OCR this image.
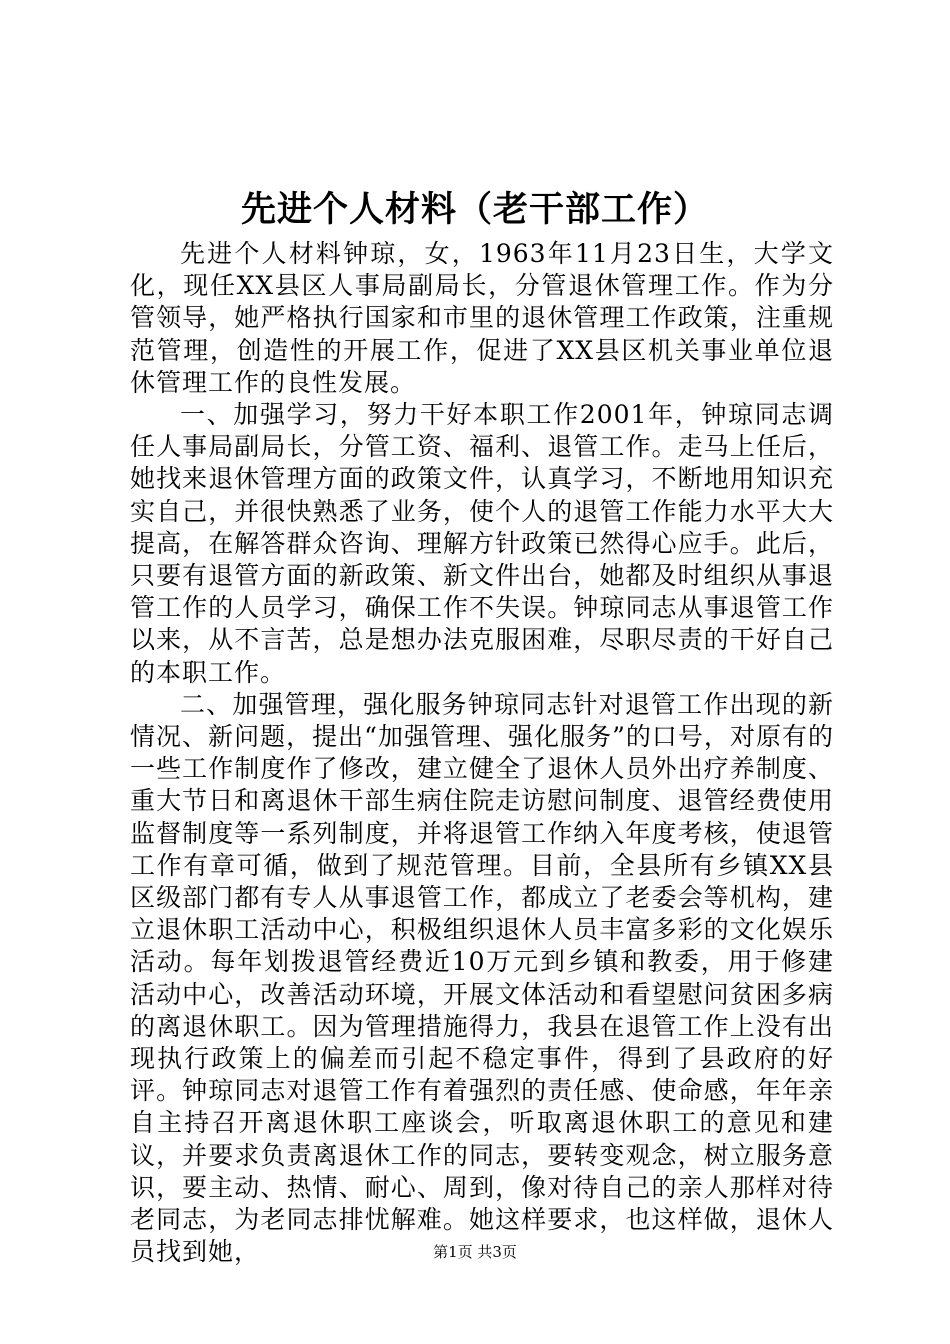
先进个人材料（老干部工作）

先进个人材料钟琼，女，1963年11月23日生，大学文化，现任XX县区人事局副局长，分管退休管理工作。作为分管领导，她严格执行国家和市里的退休管理工作政策，注重规范管理，创造性的开展工作，促进了XX县区机关事业单位退休管理工作的良性发展。

一、加强学习，努力干好本职工作2001年，钟琼同志调任人事局副局长，分管工资、福利、退管工作。走马上任后，她找来退休管理方面的政策文件，认真学习，不断地用知识充实自己，并很快熟悉了业务，使个人的退管工作能力水平大大提高，在解答群众咨询、理解方针政策已然得心应手。此后，只要有退管方面的新政策、新文件出台，她都及时组织从事退管工作的人员学习，确保工作不失误。钟琼同志从事退管工作以来，从不言苦，总是想办法克服困难，尽职尽责的干好自己的本职工作。

二、加强管理，强化服务钟琼同志针对退管工作出现的新情况、新问题，提出“加强管理、强化服务”的口号，对原有的一些工作制度作了修改，建立健全了退休人员外出疗养制度、重大节日和离退休干部生病住院走访慰问制度、退管经费使用监督制度等一系列制度，并将退管工作纳入年度考核，使退管工作有章可循，做到了规范管理。目前，全县所有乡镇XX县区级部门都有专人从事退管工作，都成立了老委会等机构，建立退休职工活动中心，积极组织退休人员丰富多彩的文化娱乐活动。每年划拨退管经费近10万元到乡镇和教委，用于修建活动中心，改善活动环境，开展文体活动和看望慰问贫困多病的离退休职工。因为管理措施得力，我县在退管工作上没有出现执行政策上的偏差而引起不稳定事件，得到了县政府的好评。钟琼同志对退管工作有着强烈的责任感、使命感，年年亲自主持召开离退休职工座谈会，听取离退休职工的意见和建议，并要求负责离退休工作的同志，要转变观念，树立服务意识，要主动、热情、耐心、周到，像对待自己的亲人那样对待老同志，为老同志排忧解难。她这样要求，也这样做，退休人员找到她，	第1页 共3页
